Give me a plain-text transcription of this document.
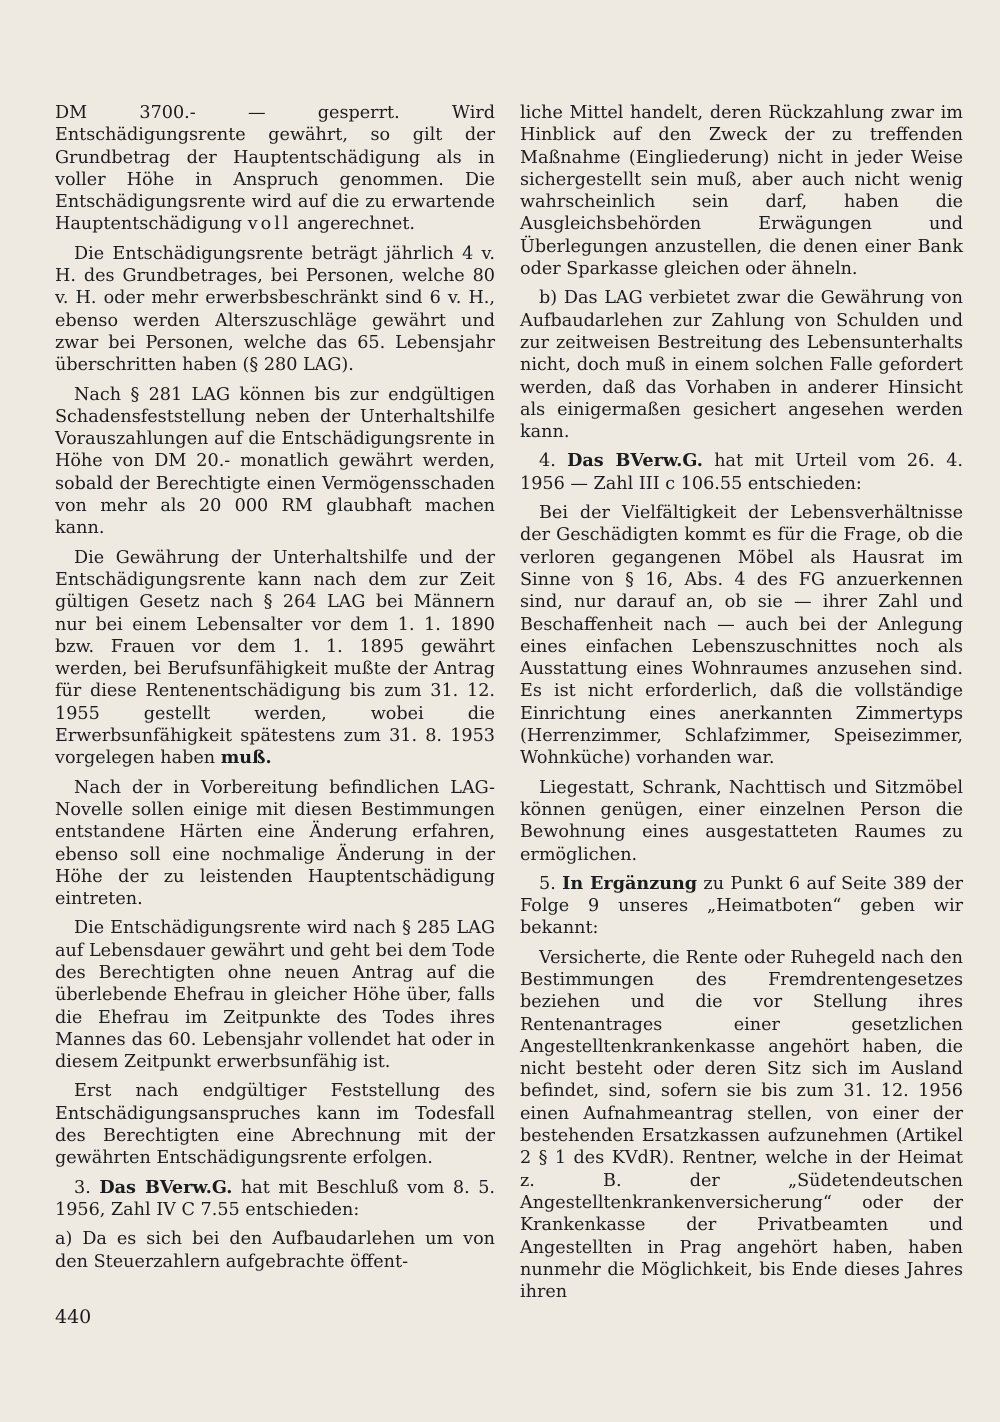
DM 3700.- — gesperrt. Wird Entschädigungsrente gewährt, so gilt der Grundbetrag der Hauptentschädigung als in voller Höhe in Anspruch genommen. Die Entschädigungsrente wird auf die zu erwartende Hauptentschädigung voll angerechnet.

Die Entschädigungsrente beträgt jährlich 4 v. H. des Grundbetrages, bei Personen, welche 80 v. H. oder mehr erwerbsbeschränkt sind 6 v. H., ebenso werden Alterszuschläge gewährt und zwar bei Personen, welche das 65. Lebensjahr überschritten haben (§ 280 LAG).

Nach § 281 LAG können bis zur endgültigen Schadensfeststellung neben der Unterhaltshilfe Vorauszahlungen auf die Entschädigungsrente in Höhe von DM 20.- monatlich gewährt werden, sobald der Berechtigte einen Vermögensschaden von mehr als 20 000 RM glaubhaft machen kann.

Die Gewährung der Unterhaltshilfe und der Entschädigungsrente kann nach dem zur Zeit gültigen Gesetz nach § 264 LAG bei Männern nur bei einem Lebensalter vor dem 1. 1. 1890 bzw. Frauen vor dem 1. 1. 1895 gewährt werden, bei Berufsunfähigkeit mußte der Antrag für diese Rentenentschädigung bis zum 31. 12. 1955 gestellt werden, wobei die Erwerbsunfähigkeit spätestens zum 31. 8. 1953 vorgelegen haben muß.

Nach der in Vorbereitung befindlichen LAG-Novelle sollen einige mit diesen Bestimmungen entstandene Härten eine Änderung erfahren, ebenso soll eine nochmalige Änderung in der Höhe der zu leistenden Hauptentschädigung eintreten.

Die Entschädigungsrente wird nach § 285 LAG auf Lebensdauer gewährt und geht bei dem Tode des Berechtigten ohne neuen Antrag auf die überlebende Ehefrau in gleicher Höhe über, falls die Ehefrau im Zeitpunkte des Todes ihres Mannes das 60. Lebensjahr vollendet hat oder in diesem Zeitpunkt erwerbsunfähig ist.

Erst nach endgültiger Feststellung des Entschädigungsanspruches kann im Todesfall des Berechtigten eine Abrechnung mit der gewährten Entschädigungsrente erfolgen.

3. Das BVerw.G. hat mit Beschluß vom 8. 5. 1956, Zahl IV C 7.55 entschieden:

a) Da es sich bei den Aufbaudarlehen um von den Steuerzahlern aufgebrachte öffent-

liche Mittel handelt, deren Rückzahlung zwar im Hinblick auf den Zweck der zu treffenden Maßnahme (Eingliederung) nicht in jeder Weise sichergestellt sein muß, aber auch nicht wenig wahrscheinlich sein darf, haben die Ausgleichsbehörden Erwägungen und Überlegungen anzustellen, die denen einer Bank oder Sparkasse gleichen oder ähneln.

b) Das LAG verbietet zwar die Gewährung von Aufbaudarlehen zur Zahlung von Schulden und zur zeitweisen Bestreitung des Lebensunterhalts nicht, doch muß in einem solchen Falle gefordert werden, daß das Vorhaben in anderer Hinsicht als einigermaßen gesichert angesehen werden kann.

4. Das BVerw.G. hat mit Urteil vom 26. 4. 1956 — Zahl III c 106.55 entschieden:

Bei der Vielfältigkeit der Lebensverhältnisse der Geschädigten kommt es für die Frage, ob die verloren gegangenen Möbel als Hausrat im Sinne von § 16, Abs. 4 des FG anzuerkennen sind, nur darauf an, ob sie — ihrer Zahl und Beschaffenheit nach — auch bei der Anlegung eines einfachen Lebenszuschnittes noch als Ausstattung eines Wohnraumes anzusehen sind. Es ist nicht erforderlich, daß die vollständige Einrichtung eines anerkannten Zimmertyps (Herrenzimmer, Schlafzimmer, Speisezimmer, Wohnküche) vorhanden war.

Liegestatt, Schrank, Nachttisch und Sitzmöbel können genügen, einer einzelnen Person die Bewohnung eines ausgestatteten Raumes zu ermöglichen.

5. In Ergänzung zu Punkt 6 auf Seite 389 der Folge 9 unseres „Heimatboten“ geben wir bekannt:

Versicherte, die Rente oder Ruhegeld nach den Bestimmungen des Fremdrentengesetzes beziehen und die vor Stellung ihres Rentenantrages einer gesetzlichen Angestelltenkrankenkasse angehört haben, die nicht besteht oder deren Sitz sich im Ausland befindet, sind, sofern sie bis zum 31. 12. 1956 einen Aufnahmeantrag stellen, von einer der bestehenden Ersatzkassen aufzunehmen (Artikel 2 § 1 des KVdR). Rentner, welche in der Heimat z. B. der „Südetendeutschen Angestelltenkrankenversicherung“ oder der Krankenkasse der Privatbeamten und Angestellten in Prag angehört haben, haben nunmehr die Möglichkeit, bis Ende dieses Jahres ihren

440
